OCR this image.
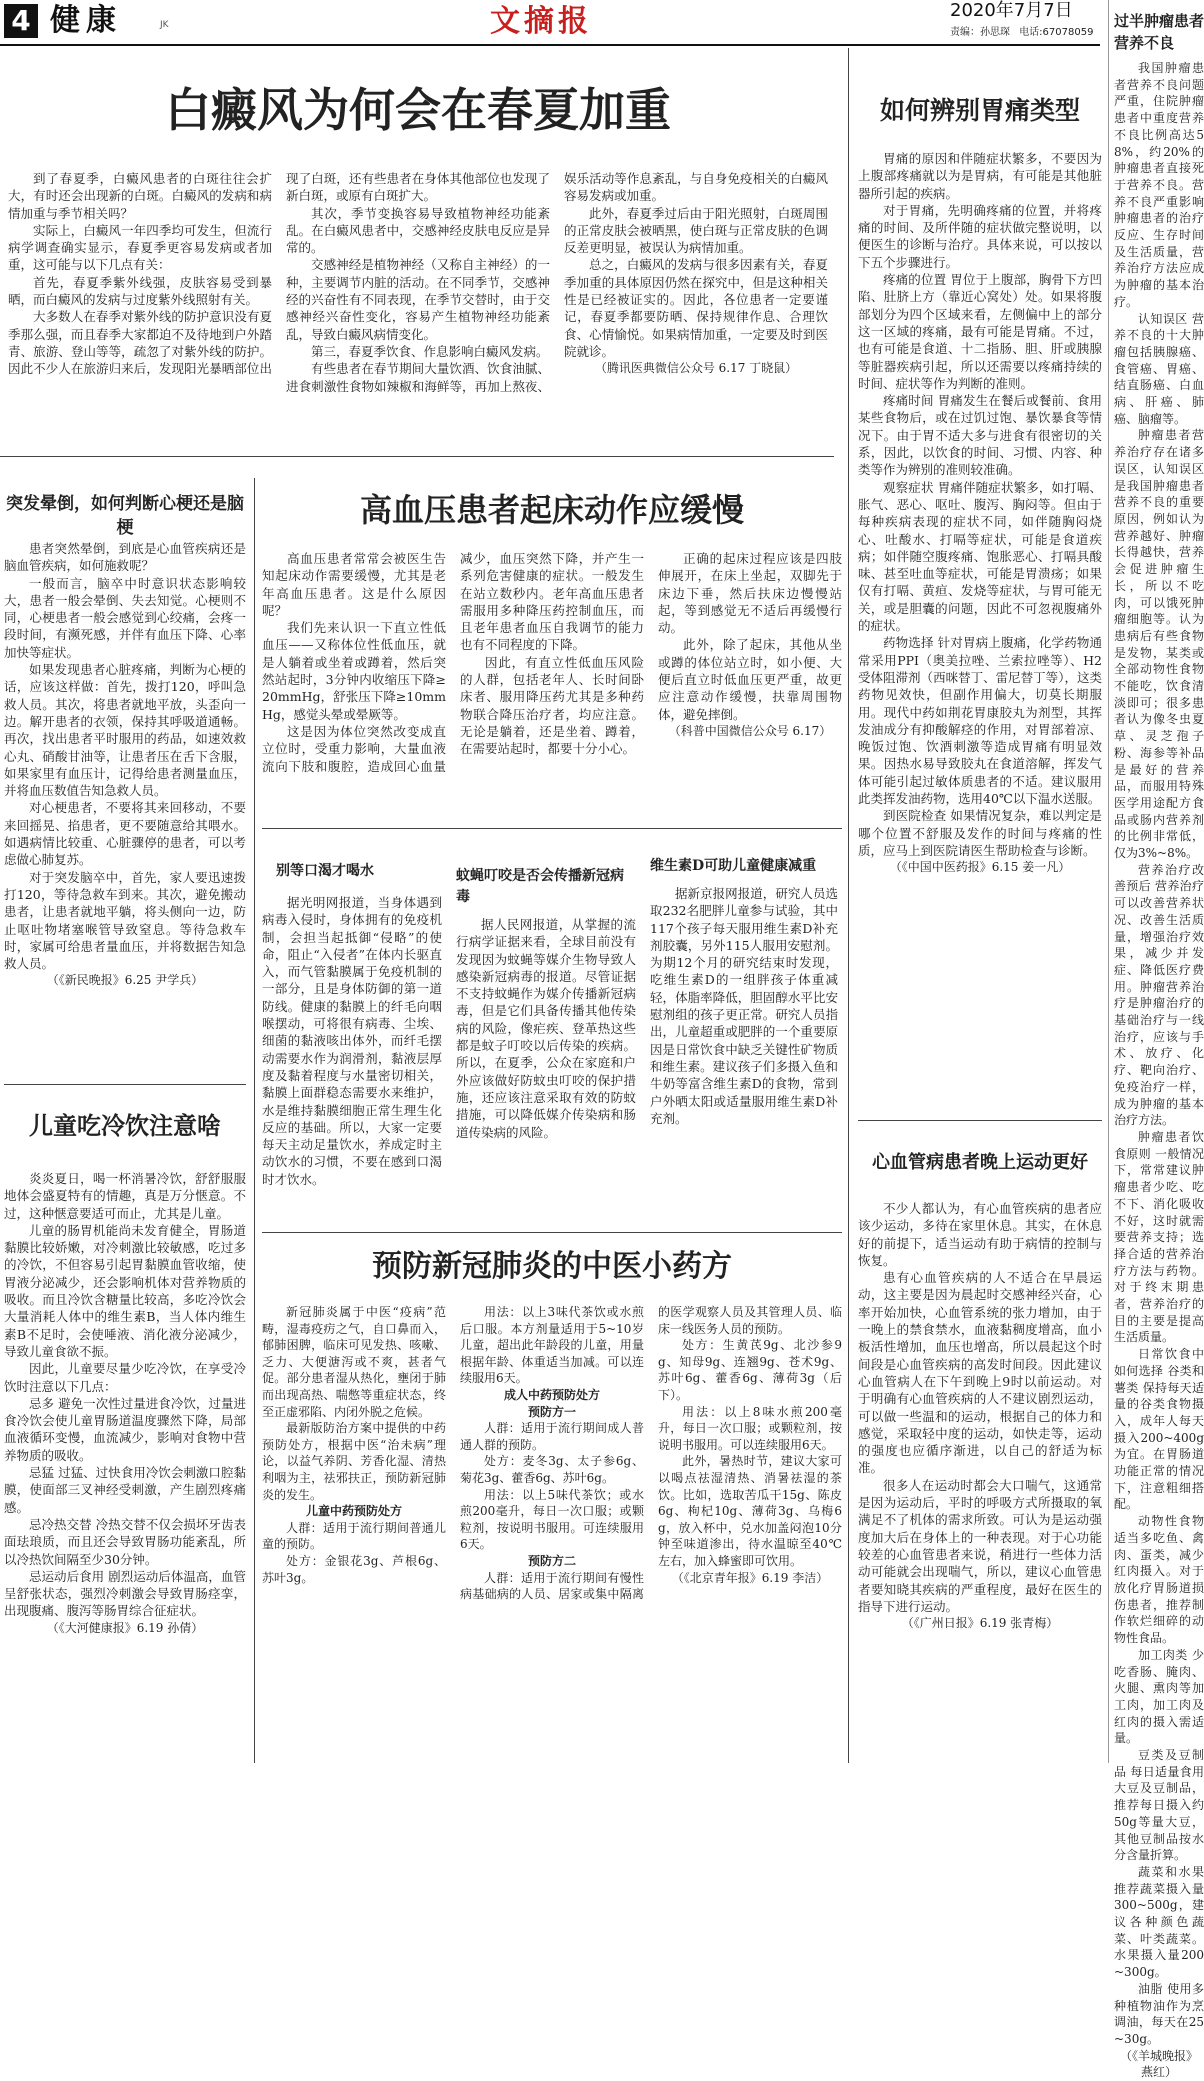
4 健康	JK	文摘报	2020年7月7日
责编：孙思琛 电话:67078059
白癜风为何会在春夏加重

到了春夏季，白癜风患者的白斑往往会扩大，有时还会出现新的白斑。白癜风的发病和病情加重与季节相关吗？

实际上，白癜风一年四季均可发生，但流行病学调查确实显示，春夏季更容易发病或者加重，这可能与以下几点有关：

首先，春夏季紫外线强，皮肤容易受到暴晒，而白癜风的发病与过度紫外线照射有关。

大多数人在春季对紫外线的防护意识没有夏季那么强，而且春季大家都迫不及待地到户外踏青、旅游、登山等等，疏忽了对紫外线的防护。因此不少人在旅游归来后，发现阳光暴晒部位出现了白斑，还有些患者在身体其他部位也发现了新白斑，或原有白斑扩大。

其次，季节变换容易导致植物神经功能紊乱。在白癜风患者中，交感神经皮肤电反应是异常的。

交感神经是植物神经（又称自主神经）的一种，主要调节内脏的活动。在不同季节，交感神经的兴奋性有不同表现，在季节交替时，由于交感神经兴奋性变化，容易产生植物神经功能紊乱，导致白癜风病情变化。

第三，春夏季饮食、作息影响白癜风发病。

有些患者在春节期间大量饮酒、饮食油腻、进食刺激性食物如辣椒和海鲜等，再加上熬夜、娱乐活动等作息紊乱，与自身免疫相关的白癜风容易发病或加重。

此外，春夏季过后由于阳光照射，白斑周围的正常皮肤会被晒黑，使白斑与正常皮肤的色调反差更明显，被误认为病情加重。

总之，白癜风的发病与很多因素有关，春夏季加重的具体原因仍然在探究中，但是这种相关性是已经被证实的。因此，各位患者一定要谨记，春夏季都要防晒、保持规律作息、合理饮食、心情愉悦。如果病情加重，一定要及时到医院就诊。

（腾讯医典微信公众号 6.17 丁晓鼠）

突发晕倒，如何判断心梗还是脑梗

患者突然晕倒，到底是心血管疾病还是脑血管疾病，如何施救呢？

一般而言，脑卒中时意识状态影响较大，患者一般会晕倒、失去知觉。心梗则不同，心梗患者一般会感觉到心绞痛，会疼一段时间，有濒死感，并伴有血压下降、心率加快等症状。

如果发现患者心脏疼痛，判断为心梗的话，应该这样做：首先，拨打120，呼叫急救人员。其次，将患者就地平放，头歪向一边。解开患者的衣领，保持其呼吸道通畅。再次，找出患者平时服用的药品，如速效救心丸、硝酸甘油等，让患者压在舌下含服，如果家里有血压计，记得给患者测量血压，并将血压数值告知急救人员。

对心梗患者，不要将其来回移动，不要来回摇晃、掐患者，更不要随意给其喂水。如遇病情比较重、心脏骤停的患者，可以考虑做心肺复苏。

对于突发脑卒中，首先，家人要迅速拨打120，等待急救车到来。其次，避免搬动患者，让患者就地平躺，将头侧向一边，防止呕吐物堵塞喉管导致窒息。等待急救车时，家属可给患者量血压，并将数据告知急救人员。

（《新民晚报》6.25 尹学兵）

儿童吃冷饮注意啥

炎炎夏日，喝一杯消暑冷饮，舒舒服服地体会盛夏特有的情趣，真是万分惬意。不过，这种惬意要适可而止，尤其是儿童。

儿童的肠胃机能尚未发育健全，胃肠道黏膜比较娇嫩，对冷刺激比较敏感，吃过多的冷饮，不但容易引起胃黏膜血管收缩，使胃液分泌减少，还会影响机体对营养物质的吸收。而且冷饮含糖量比较高，多吃冷饮会大量消耗人体中的维生素B，当人体内维生素B不足时，会使唾液、消化液分泌减少，导致儿童食欲不振。

因此，儿童要尽量少吃冷饮，在享受冷饮时注意以下几点：

忌多 避免一次性过量进食冷饮，过量进食冷饮会使儿童胃肠道温度骤然下降，局部血液循环变慢，血流减少，影响对食物中营养物质的吸收。

忌猛 过猛、过快食用冷饮会刺激口腔黏膜，使面部三叉神经受刺激，产生剧烈疼痛感。

忌冷热交替 冷热交替不仅会损坏牙齿表面珐琅质，而且还会导致胃肠功能紊乱，所以冷热饮间隔至少30分钟。

忌运动后食用 剧烈运动后体温高，血管呈舒张状态，强烈冷刺激会导致胃肠痉挛，出现腹痛、腹泻等肠胃综合征症状。

（《大河健康报》6.19 孙倩）

高血压患者起床动作应缓慢

高血压患者常常会被医生告知起床动作需要缓慢，尤其是老年高血压患者。这是什么原因呢？

我们先来认识一下直立性低血压——又称体位性低血压，就是人躺着或坐着或蹲着，然后突然站起时，3分钟内收缩压下降≥20mmHg，舒张压下降≥10mmHg，感觉头晕或晕厥等。

这是因为体位突然改变成直立位时，受重力影响，大量血液流向下肢和腹腔，造成回心血量减少，血压突然下降，并产生一系列危害健康的症状。一般发生在站立数秒内。老年高血压患者需服用多种降压药控制血压，而且老年患者血压自我调节的能力也有不同程度的下降。

因此，有直立性低血压风险的人群，包括老年人、长时间卧床者、服用降压药尤其是多种药物联合降压治疗者，均应注意。无论是躺着，还是坐着、蹲着，在需要站起时，都要十分小心。

正确的起床过程应该是四肢伸展开，在床上坐起，双脚先于床边下垂，然后扶床边慢慢站起，等到感觉无不适后再缓慢行动。

此外，除了起床，其他从坐或蹲的体位站立时，如小便、大便后直立时低血压更严重，故更应注意动作缓慢，扶靠周围物体，避免摔倒。

（科普中国微信公众号 6.17）

别等口渴才喝水

据光明网报道，当身体遇到病毒入侵时，身体拥有的免疫机制，会担当起抵御“侵略”的使命，阻止“入侵者”在体内长驱直入，而气管黏膜属于免疫机制的一部分，且是身体防御的第一道防线。健康的黏膜上的纤毛向咽喉摆动，可将很有病毒、尘埃、细菌的黏液咳出体外，而纤毛摆动需要水作为润滑剂，黏液层厚度及黏着程度与水量密切相关，黏膜上面群稳态需要水来维护，水是维持黏膜细胞正常生理生化反应的基础。所以，大家一定要每天主动足量饮水，养成定时主动饮水的习惯，不要在感到口渴时才饮水。

蚊蝇叮咬是否会传播新冠病毒

据人民网报道，从掌握的流行病学证据来看，全球目前没有发现因为蚊蝇等媒介生物导致人感染新冠病毒的报道。尽管证据不支持蚊蝇作为媒介传播新冠病毒，但是它们具备传播其他传染病的风险，像疟疾、登革热这些都是蚊子叮咬以后传染的疾病。所以，在夏季，公众在家庭和户外应该做好防蚊虫叮咬的保护措施，还应该注意采取有效的防蚊措施，可以降低媒介传染病和肠道传染病的风险。

维生素D可助儿童健康减重

据新京报网报道，研究人员选取232名肥胖儿童参与试验，其中117个孩子每天服用维生素D补充剂胶囊，另外115人服用安慰剂。为期12个月的研究结束时发现，吃维生素D的一组胖孩子体重减轻，体脂率降低，胆固醇水平比安慰剂组的孩子更正常。研究人员指出，儿童超重或肥胖的一个重要原因是日常饮食中缺乏关键性矿物质和维生素。建议孩子们多摄入鱼和牛奶等富含维生素D的食物，常到户外晒太阳或适量服用维生素D补充剂。

预防新冠肺炎的中医小药方

新冠肺炎属于中医“疫病”范畴，湿毒疫疠之气，自口鼻而入，郁肺困脾，临床可见发热、咳嗽、乏力、大便溏泻或不爽，甚者气促。部分患者湿从热化，壅闭于肺而出现高热、喘憋等重症状态，终至正虚邪陷、内闭外脱之危候。

最新版防治方案中提供的中药预防处方，根据中医“治未病”理论，以益气养阴、芳香化湿、清热利咽为主，祛邪扶正，预防新冠肺炎的发生。

儿童中药预防处方

人群：适用于流行期间普通儿童的预防。

处方：金银花3g、芦根6g、苏叶3g。

用法：以上3味代茶饮或水煎后口服。本方剂量适用于5~10岁儿童，超出此年龄段的儿童，用量根据年龄、体重适当加减。可以连续服用6天。

成人中药预防处方

预防方一

人群：适用于流行期间成人普通人群的预防。

处方：麦冬3g、太子参6g、菊花3g、藿香6g、苏叶6g。

用法：以上5味代茶饮；或水煎200毫升，每日一次口服；或颗粒剂，按说明书服用。可连续服用6天。

预防方二

人群：适用于流行期间有慢性病基础病的人员、居家或集中隔离的医学观察人员及其管理人员、临床一线医务人员的预防。

处方：生黄芪9g、北沙参9g、知母9g、连翘9g、苍术9g、苏叶6g、藿香6g、薄荷3g（后下）。

用法：以上8味水煎200毫升，每日一次口服；或颗粒剂，按说明书服用。可以连续服用6天。

此外，暑热时节，建议大家可以喝点祛湿清热、消暑祛湿的茶饮。比如，选取苦瓜干15g、陈皮6g、枸杞10g、薄荷3g、乌梅6g，放入杯中，兑水加盖闷泡10分钟至味道渗出，待水温晾至40℃左右，加入蜂蜜即可饮用。

（《北京青年报》6.19 李洁）

如何辨别胃痛类型

胃痛的原因和伴随症状繁多，不要因为上腹部疼痛就以为是胃病，有可能是其他脏器所引起的疾病。

对于胃痛，先明确疼痛的位置，并将疼痛的时间、及所伴随的症状做完整说明，以便医生的诊断与治疗。具体来说，可以按以下五个步骤进行。

疼痛的位置 胃位于上腹部，胸骨下方凹陷、肚脐上方（靠近心窝处）处。如果将腹部划分为四个区域来看，左侧偏中上的部分这一区域的疼痛，最有可能是胃痛。不过，也有可能是食道、十二指肠、胆、肝或胰腺等脏器疾病引起，所以还需要以疼痛持续的时间、症状等作为判断的准则。

疼痛时间 胃痛发生在餐后或餐前、食用某些食物后，或在过饥过饱、暴饮暴食等情况下。由于胃不适大多与进食有很密切的关系，因此，以饮食的时间、习惯、内容、种类等作为辨别的准则较准确。

观察症状 胃痛伴随症状繁多，如打嗝、胀气、恶心、呕吐、腹泻、胸闷等。但由于每种疾病表现的症状不同，如伴随胸闷烧心、吐酸水、打嗝等症状，可能是食道疾病；如伴随空腹疼痛、饱胀恶心、打嗝具酸味、甚至吐血等症状，可能是胃溃疡；如果仅有打嗝、黄疸、发烧等症状，与胃可能无关，或是胆囊的问题，因此不可忽视腹痛外的症状。

药物选择 针对胃病上腹痛，化学药物通常采用PPI（奥美拉唑、兰索拉唑等）、H2受体阻滞剂（西咪替丁、雷尼替丁等），这类药物见效快，但副作用偏大，切莫长期服用。现代中药如荆花胃康胶丸为剂型，其挥发油成分有抑酸解痉的作用，对胃部着凉、晚饭过饱、饮酒刺激等造成胃痛有明显效果。因热水易导致胶丸在食道溶解，挥发气体可能引起过敏体质患者的不适。建议服用此类挥发油药物，选用40℃以下温水送服。

到医院检查 如果情况复杂，难以判定是哪个位置不舒服及发作的时间与疼痛的性质，应马上到医院请医生帮助检查与诊断。

（《中国中医药报》6.15 姜一凡）

心血管病患者晚上运动更好

不少人都认为，有心血管疾病的患者应该少运动，多待在家里休息。其实，在休息好的前提下，适当运动有助于病情的控制与恢复。

患有心血管疾病的人不适合在早晨运动，这主要是因为晨起时交感神经兴奋，心率开始加快，心血管系统的张力增加，由于一晚上的禁食禁水，血液黏稠度增高，血小板活性增加，血压也增高，所以晨起这个时间段是心血管疾病的高发时间段。因此建议心血管病人在下午到晚上9时以前运动。对于明确有心血管疾病的人不建议剧烈运动，可以做一些温和的运动，根据自己的体力和感觉，采取轻中度的运动，如快走等，运动的强度也应循序渐进，以自己的舒适为标准。

很多人在运动时都会大口喘气，这通常是因为运动后，平时的呼吸方式所摄取的氧满足不了机体的需求所致。可认为是运动强度加大后在身体上的一种表现。对于心功能较差的心血管患者来说，稍进行一些体力活动可能就会出现喘气，所以，建议心血管患者要知晓其疾病的严重程度，最好在医生的指导下进行运动。

（《广州日报》6.19 张青梅）

过半肿瘤患者营养不良

我国肿瘤患者营养不良问题严重，住院肿瘤患者中重度营养不良比例高达58%，约20%的肿瘤患者直接死于营养不良。营养不良严重影响肿瘤患者的治疗反应、生存时间及生活质量，营养治疗方法应成为肿瘤的基本治疗。

认知误区 营养不良的十大肿瘤包括胰腺癌、食管癌、胃癌、结直肠癌、白血病、肝癌、肺癌、脑瘤等。

肿瘤患者营养治疗存在诸多误区，认知误区是我国肿瘤患者营养不良的重要原因，例如认为营养越好、肿瘤长得越快，营养会促进肿瘤生长，所以不吃肉，可以饿死肿瘤细胞等。认为患病后有些食物是发物，某类或全部动物性食物不能吃，饮食清淡即可；很多患者认为像冬虫夏草、灵芝孢子粉、海参等补品是最好的营养品，而服用特殊医学用途配方食品或肠内营养剂的比例非常低，仅为3%~8%。

营养治疗改善预后 营养治疗可以改善营养状况、改善生活质量，增强治疗效果，减少并发症、降低医疗费用。肿瘤营养治疗是肿瘤治疗的基础治疗与一线治疗，应该与手术、放疗、化疗、靶向治疗、免疫治疗一样，成为肿瘤的基本治疗方法。

肿瘤患者饮食原则 一般情况下，常常建议肿瘤患者少吃、吃不下、消化吸收不好，这时就需要营养支持；选择合适的营养治疗方法与药物。对于终末期患者，营养治疗的目的主要是提高生活质量。

日常饮食中如何选择 谷类和薯类 保持每天适量的谷类食物摄入，成年人每天摄入200~400g为宜。在胃肠道功能正常的情况下，注意粗细搭配。

动物性食物 适当多吃鱼、禽肉、蛋类，减少红肉摄入。对于放化疗胃肠道损伤患者，推荐制作软烂细碎的动物性食品。

加工肉类 少吃香肠、腌肉、火腿、熏肉等加工肉，加工肉及红肉的摄入需适量。

豆类及豆制品 每日适量食用大豆及豆制品，推荐每日摄入约50g等量大豆，其他豆制品按水分含量折算。

蔬菜和水果 推荐蔬菜摄入量300~500g，建议各种颜色蔬菜、叶类蔬菜。水果摄入量200~300g。

油脂 使用多种植物油作为烹调油，每天在25~30g。

（《羊城晚报》 燕红）
